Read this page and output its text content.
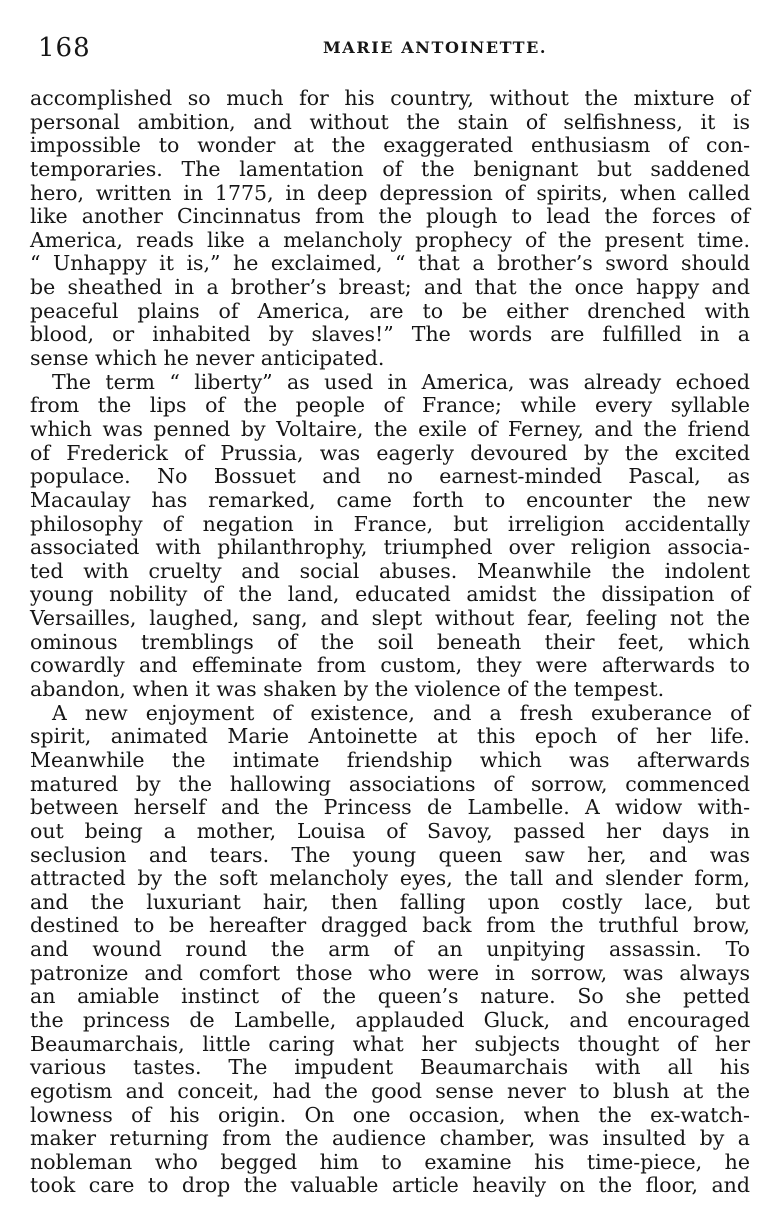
168	MARIE ANTOINETTE.
accomplished so much for his country, without the mixture of
personal ambition, and without the stain of selfishness, it is
impossible to wonder at the exaggerated enthusiasm of con-
temporaries. The lamentation of the benignant but saddened
hero, written in 1775, in deep depression of spirits, when called
like another Cincinnatus from the plough to lead the forces of
America, reads like a melancholy prophecy of the present time.
“ Unhappy it is,” he exclaimed, “ that a brother’s sword should
be sheathed in a brother’s breast; and that the once happy and
peaceful plains of America, are to be either drenched with
blood, or inhabited by slaves!” The words are fulfilled in a
sense which he never anticipated.
The term “ liberty” as used in America, was already echoed
from the lips of the people of France; while every syllable
which was penned by Voltaire, the exile of Ferney, and the friend
of Frederick of Prussia, was eagerly devoured by the excited
populace. No Bossuet and no earnest-minded Pascal, as
Macaulay has remarked, came forth to encounter the new
philosophy of negation in France, but irreligion accidentally
associated with philanthrophy, triumphed over religion associa-
ted with cruelty and social abuses. Meanwhile the indolent
young nobility of the land, educated amidst the dissipation of
Versailles, laughed, sang, and slept without fear, feeling not the
ominous tremblings of the soil beneath their feet, which
cowardly and effeminate from custom, they were afterwards to
abandon, when it was shaken by the violence of the tempest.
A new enjoyment of existence, and a fresh exuberance of
spirit, animated Marie Antoinette at this epoch of her life.
Meanwhile the intimate friendship which was afterwards
matured by the hallowing associations of sorrow, commenced
between herself and the Princess de Lambelle. A widow with-
out being a mother, Louisa of Savoy, passed her days in
seclusion and tears. The young queen saw her, and was
attracted by the soft melancholy eyes, the tall and slender form,
and the luxuriant hair, then falling upon costly lace, but
destined to be hereafter dragged back from the truthful brow,
and wound round the arm of an unpitying assassin. To
patronize and comfort those who were in sorrow, was always
an amiable instinct of the queen’s nature. So she petted
the princess de Lambelle, applauded Gluck, and encouraged
Beaumarchais, little caring what her subjects thought of her
various tastes. The impudent Beaumarchais with all his
egotism and conceit, had the good sense never to blush at the
lowness of his origin. On one occasion, when the ex-watch-
maker returning from the audience chamber, was insulted by a
nobleman who begged him to examine his time-piece, he
took care to drop the valuable article heavily on the floor, and
